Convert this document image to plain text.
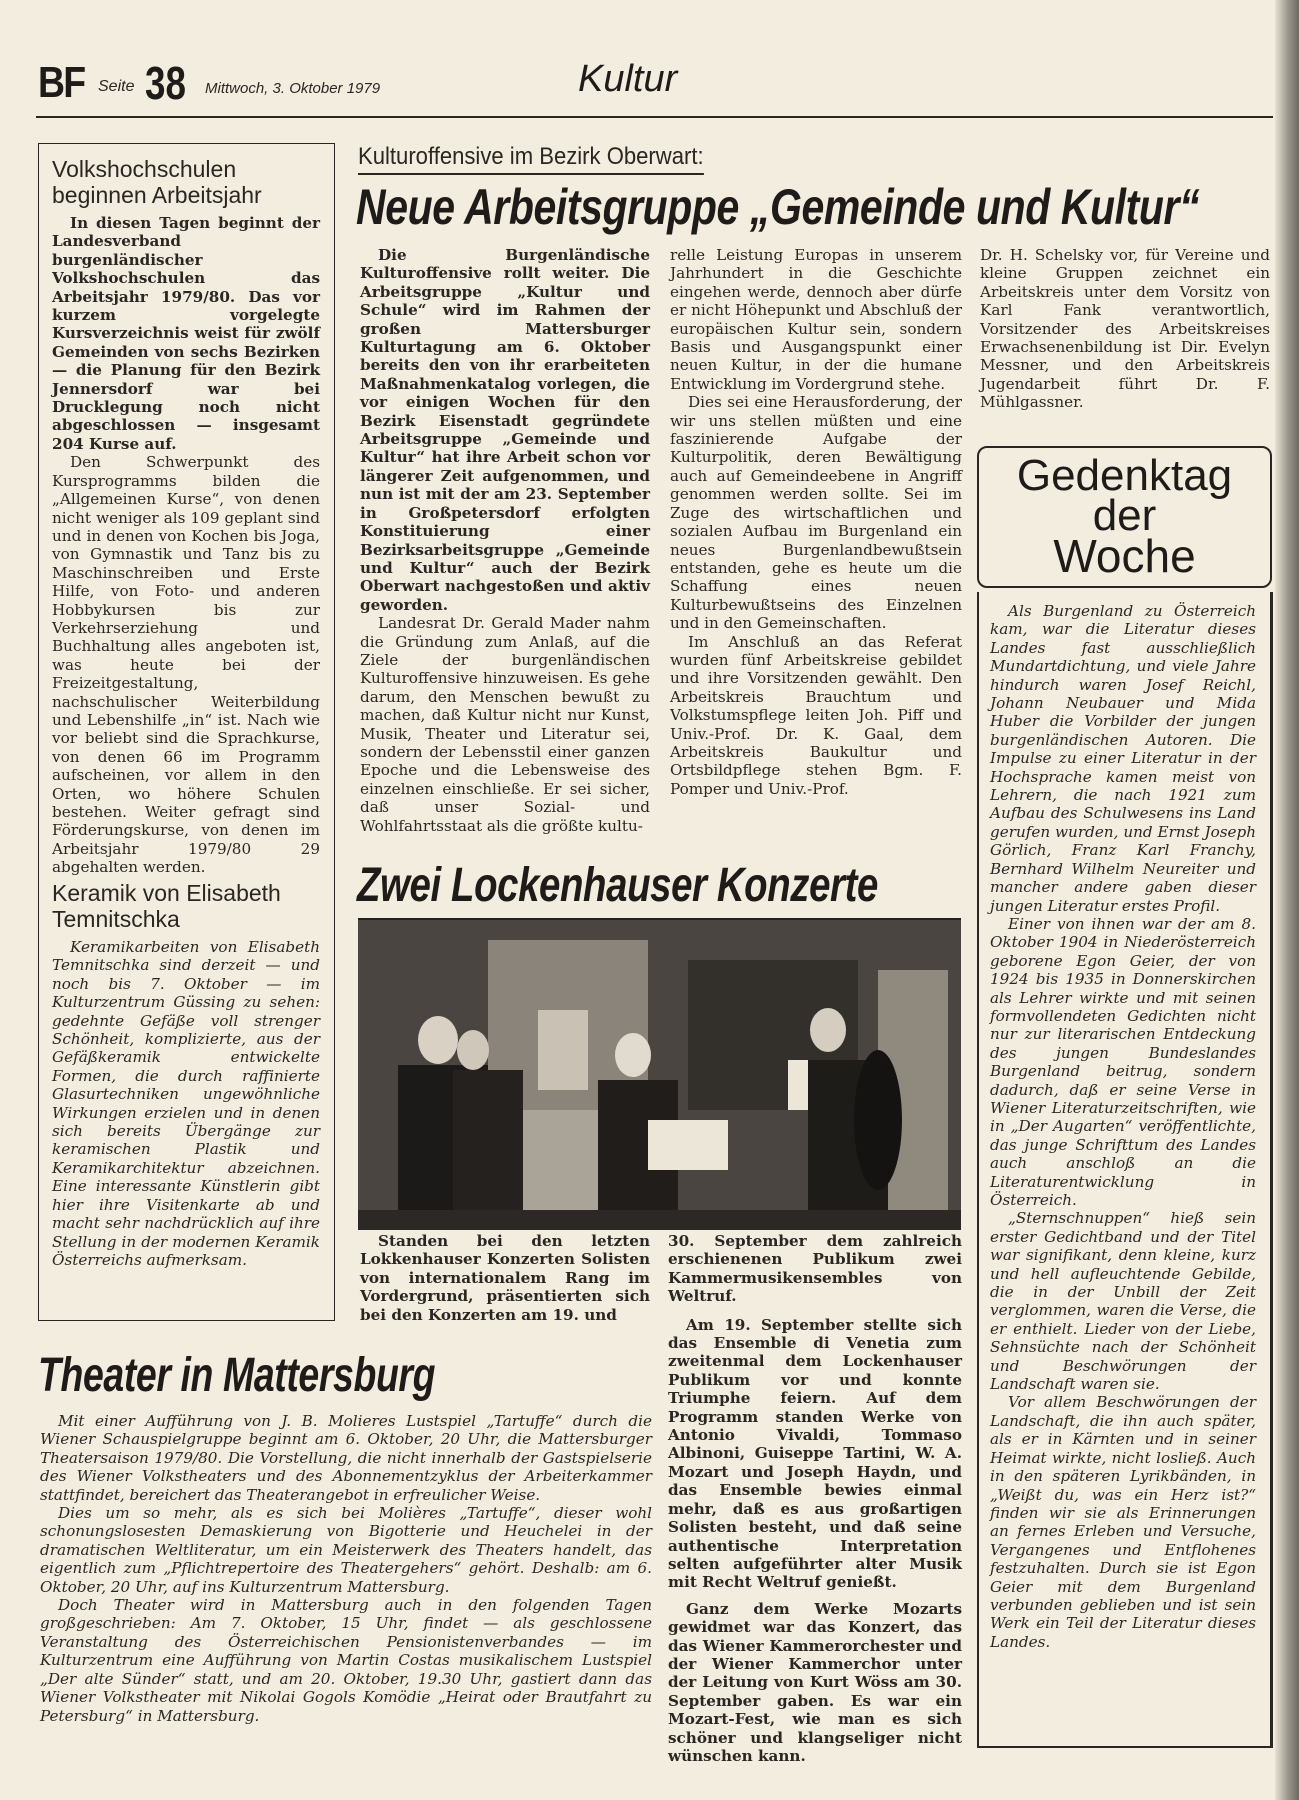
BF Seite 38 Mittwoch, 3. Oktober 1979	Kultur
Volkshochschulen beginnen Arbeitsjahr

In diesen Tagen beginnt der Landesverband burgenländischer Volkshochschulen das Arbeitsjahr 1979/80. Das vor kurzem vorgelegte Kursverzeichnis weist für zwölf Gemeinden von sechs Bezirken — die Planung für den Bezirk Jennersdorf war bei Drucklegung noch nicht abgeschlossen — insgesamt 204 Kurse auf.

Den Schwerpunkt des Kursprogramms bilden die „Allgemeinen Kurse“, von denen nicht weniger als 109 geplant sind und in denen von Kochen bis Joga, von Gymnastik und Tanz bis zu Maschinschreiben und Erste Hilfe, von Foto- und anderen Hobbykursen bis zur Verkehrserziehung und Buchhaltung alles angeboten ist, was heute bei der Freizeitgestaltung, nachschulischer Weiterbildung und Lebenshilfe „in“ ist. Nach wie vor beliebt sind die Sprachkurse, von denen 66 im Programm aufscheinen, vor allem in den Orten, wo höhere Schulen bestehen. Weiter gefragt sind Förderungskurse, von denen im Arbeitsjahr 1979/80 29 abgehalten werden.

Keramik von Elisabeth Temnitschka

Keramikarbeiten von Elisabeth Temnitschka sind derzeit — und noch bis 7. Oktober — im Kulturzentrum Güssing zu sehen: gedehnte Gefäße voll strenger Schönheit, komplizierte, aus der Gefäßkeramik entwickelte Formen, die durch raffinierte Glasurtechniken ungewöhnliche Wirkungen erzielen und in denen sich bereits Übergänge zur keramischen Plastik und Keramikarchitektur abzeichnen. Eine interessante Künstlerin gibt hier ihre Visitenkarte ab und macht sehr nachdrücklich auf ihre Stellung in der modernen Keramik Österreichs aufmerksam.

Kulturoffensive im Bezirk Oberwart:
Neue Arbeitsgruppe „Gemeinde und Kultur“

Die Burgenländische Kulturoffensive rollt weiter. Die Arbeitsgruppe „Kultur und Schule“ wird im Rahmen der großen Mattersburger Kulturtagung am 6. Oktober bereits den von ihr erarbeiteten Maßnahmenkatalog vorlegen, die vor einigen Wochen für den Bezirk Eisenstadt gegründete Arbeitsgruppe „Gemeinde und Kultur“ hat ihre Arbeit schon vor längerer Zeit aufgenommen, und nun ist mit der am 23. September in Großpetersdorf erfolgten Konstituierung einer Bezirksarbeitsgruppe „Gemeinde und Kultur“ auch der Bezirk Oberwart nachgestoßen und aktiv geworden.

Landesrat Dr. Gerald Mader nahm die Gründung zum Anlaß, auf die Ziele der burgenländischen Kulturoffensive hinzuweisen. Es gehe darum, den Menschen bewußt zu machen, daß Kultur nicht nur Kunst, Musik, Theater und Literatur sei, sondern der Lebensstil einer ganzen Epoche und die Lebensweise des einzelnen einschließe. Er sei sicher, daß unser Sozial- und Wohlfahrtsstaat als die größte kultu-

relle Leistung Europas in unserem Jahrhundert in die Geschichte eingehen werde, dennoch aber dürfe er nicht Höhepunkt und Abschluß der europäischen Kultur sein, sondern Basis und Ausgangspunkt einer neuen Kultur, in der die humane Entwicklung im Vordergrund stehe.

Dies sei eine Herausforderung, der wir uns stellen müßten und eine faszinierende Aufgabe der Kulturpolitik, deren Bewältigung auch auf Gemeindeebene in Angriff genommen werden sollte. Sei im Zuge des wirtschaftlichen und sozialen Aufbau im Burgenland ein neues Burgenlandbewußtsein entstanden, gehe es heute um die Schaffung eines neuen Kulturbewußtseins des Einzelnen und in den Gemeinschaften.

Im Anschluß an das Referat wurden fünf Arbeitskreise gebildet und ihre Vorsitzenden gewählt. Den Arbeitskreis Brauchtum und Volkstumspflege leiten Joh. Piff und Univ.-Prof. Dr. K. Gaal, dem Arbeitskreis Baukultur und Ortsbildpflege stehen Bgm. F. Pomper und Univ.-Prof.

Dr. H. Schelsky vor, für Vereine und kleine Gruppen zeichnet ein Arbeitskreis unter dem Vorsitz von Karl Fank verantwortlich, Vorsitzender des Arbeitskreises Erwachsenenbildung ist Dir. Evelyn Messner, und den Arbeitskreis Jugendarbeit führt Dr. F. Mühlgassner.

Gedenktag
der
Woche

Als Burgenland zu Österreich kam, war die Literatur dieses Landes fast ausschließlich Mundartdichtung, und viele Jahre hindurch waren Josef Reichl, Johann Neubauer und Mida Huber die Vorbilder der jungen burgenländischen Autoren. Die Impulse zu einer Literatur in der Hochsprache kamen meist von Lehrern, die nach 1921 zum Aufbau des Schulwesens ins Land gerufen wurden, und Ernst Joseph Görlich, Franz Karl Franchy, Bernhard Wilhelm Neureiter und mancher andere gaben dieser jungen Literatur erstes Profil.

Einer von ihnen war der am 8. Oktober 1904 in Niederösterreich geborene Egon Geier, der von 1924 bis 1935 in Donnerskirchen als Lehrer wirkte und mit seinen formvollendeten Gedichten nicht nur zur literarischen Entdeckung des jungen Bundeslandes Burgenland beitrug, sondern dadurch, daß er seine Verse in Wiener Literaturzeitschriften, wie in „Der Augarten“ veröffentlichte, das junge Schrifttum des Landes auch anschloß an die Literaturentwicklung in Österreich.

„Sternschnuppen“ hieß sein erster Gedichtband und der Titel war signifikant, denn kleine, kurz und hell aufleuchtende Gebilde, die in der Unbill der Zeit verglommen, waren die Verse, die er enthielt. Lieder von der Liebe, Sehnsüchte nach der Schönheit und Beschwörungen der Landschaft waren sie.

Vor allem Beschwörungen der Landschaft, die ihn auch später, als er in Kärnten und in seiner Heimat wirkte, nicht losließ. Auch in den späteren Lyrikbänden, in „Weißt du, was ein Herz ist?“ finden wir sie als Erinnerungen an fernes Erleben und Versuche, Vergangenes und Entflohenes festzuhalten. Durch sie ist Egon Geier mit dem Burgenland verbunden geblieben und ist sein Werk ein Teil der Literatur dieses Landes.

Zwei Lockenhauser Konzerte

Standen bei den letzten Lokkenhauser Konzerten Solisten von internationalem Rang im Vordergrund, präsentierten sich bei den Konzerten am 19. und

30. September dem zahlreich erschienenen Publikum zwei Kammermusikensembles von Weltruf.

Am 19. September stellte sich das Ensemble di Venetia zum zweitenmal dem Lockenhauser Publikum vor und konnte Triumphe feiern. Auf dem Programm standen Werke von Antonio Vivaldi, Tommaso Albinoni, Guiseppe Tartini, W. A. Mozart und Joseph Haydn, und das Ensemble bewies einmal mehr, daß es aus großartigen Solisten besteht, und daß seine authentische Interpretation selten aufgeführter alter Musik mit Recht Weltruf genießt.

Ganz dem Werke Mozarts gewidmet war das Konzert, das das Wiener Kammerorchester und der Wiener Kammerchor unter der Leitung von Kurt Wöss am 30. September gaben. Es war ein Mozart-Fest, wie man es sich schöner und klangseliger nicht wünschen kann.

Theater in Mattersburg

Mit einer Aufführung von J. B. Molieres Lustspiel „Tartuffe“ durch die Wiener Schauspielgruppe beginnt am 6. Oktober, 20 Uhr, die Mattersburger Theatersaison 1979/80. Die Vorstellung, die nicht innerhalb der Gastspielserie des Wiener Volkstheaters und des Abonnementzyklus der Arbeiterkammer stattfindet, bereichert das Theaterangebot in erfreulicher Weise.

Dies um so mehr, als es sich bei Molières „Tartuffe“, dieser wohl schonungslosesten Demaskierung von Bigotterie und Heuchelei in der dramatischen Weltliteratur, um ein Meisterwerk des Theaters handelt, das eigentlich zum „Pflichtrepertoire des Theatergehers“ gehört. Deshalb: am 6. Oktober, 20 Uhr, auf ins Kulturzentrum Mattersburg.

Doch Theater wird in Mattersburg auch in den folgenden Tagen großgeschrieben: Am 7. Oktober, 15 Uhr, findet — als geschlossene Veranstaltung des Österreichischen Pensionistenverbandes — im Kulturzentrum eine Aufführung von Martin Costas musikalischem Lustspiel „Der alte Sünder“ statt, und am 20. Oktober, 19.30 Uhr, gastiert dann das Wiener Volkstheater mit Nikolai Gogols Komödie „Heirat oder Brautfahrt zu Petersburg“ in Mattersburg.
